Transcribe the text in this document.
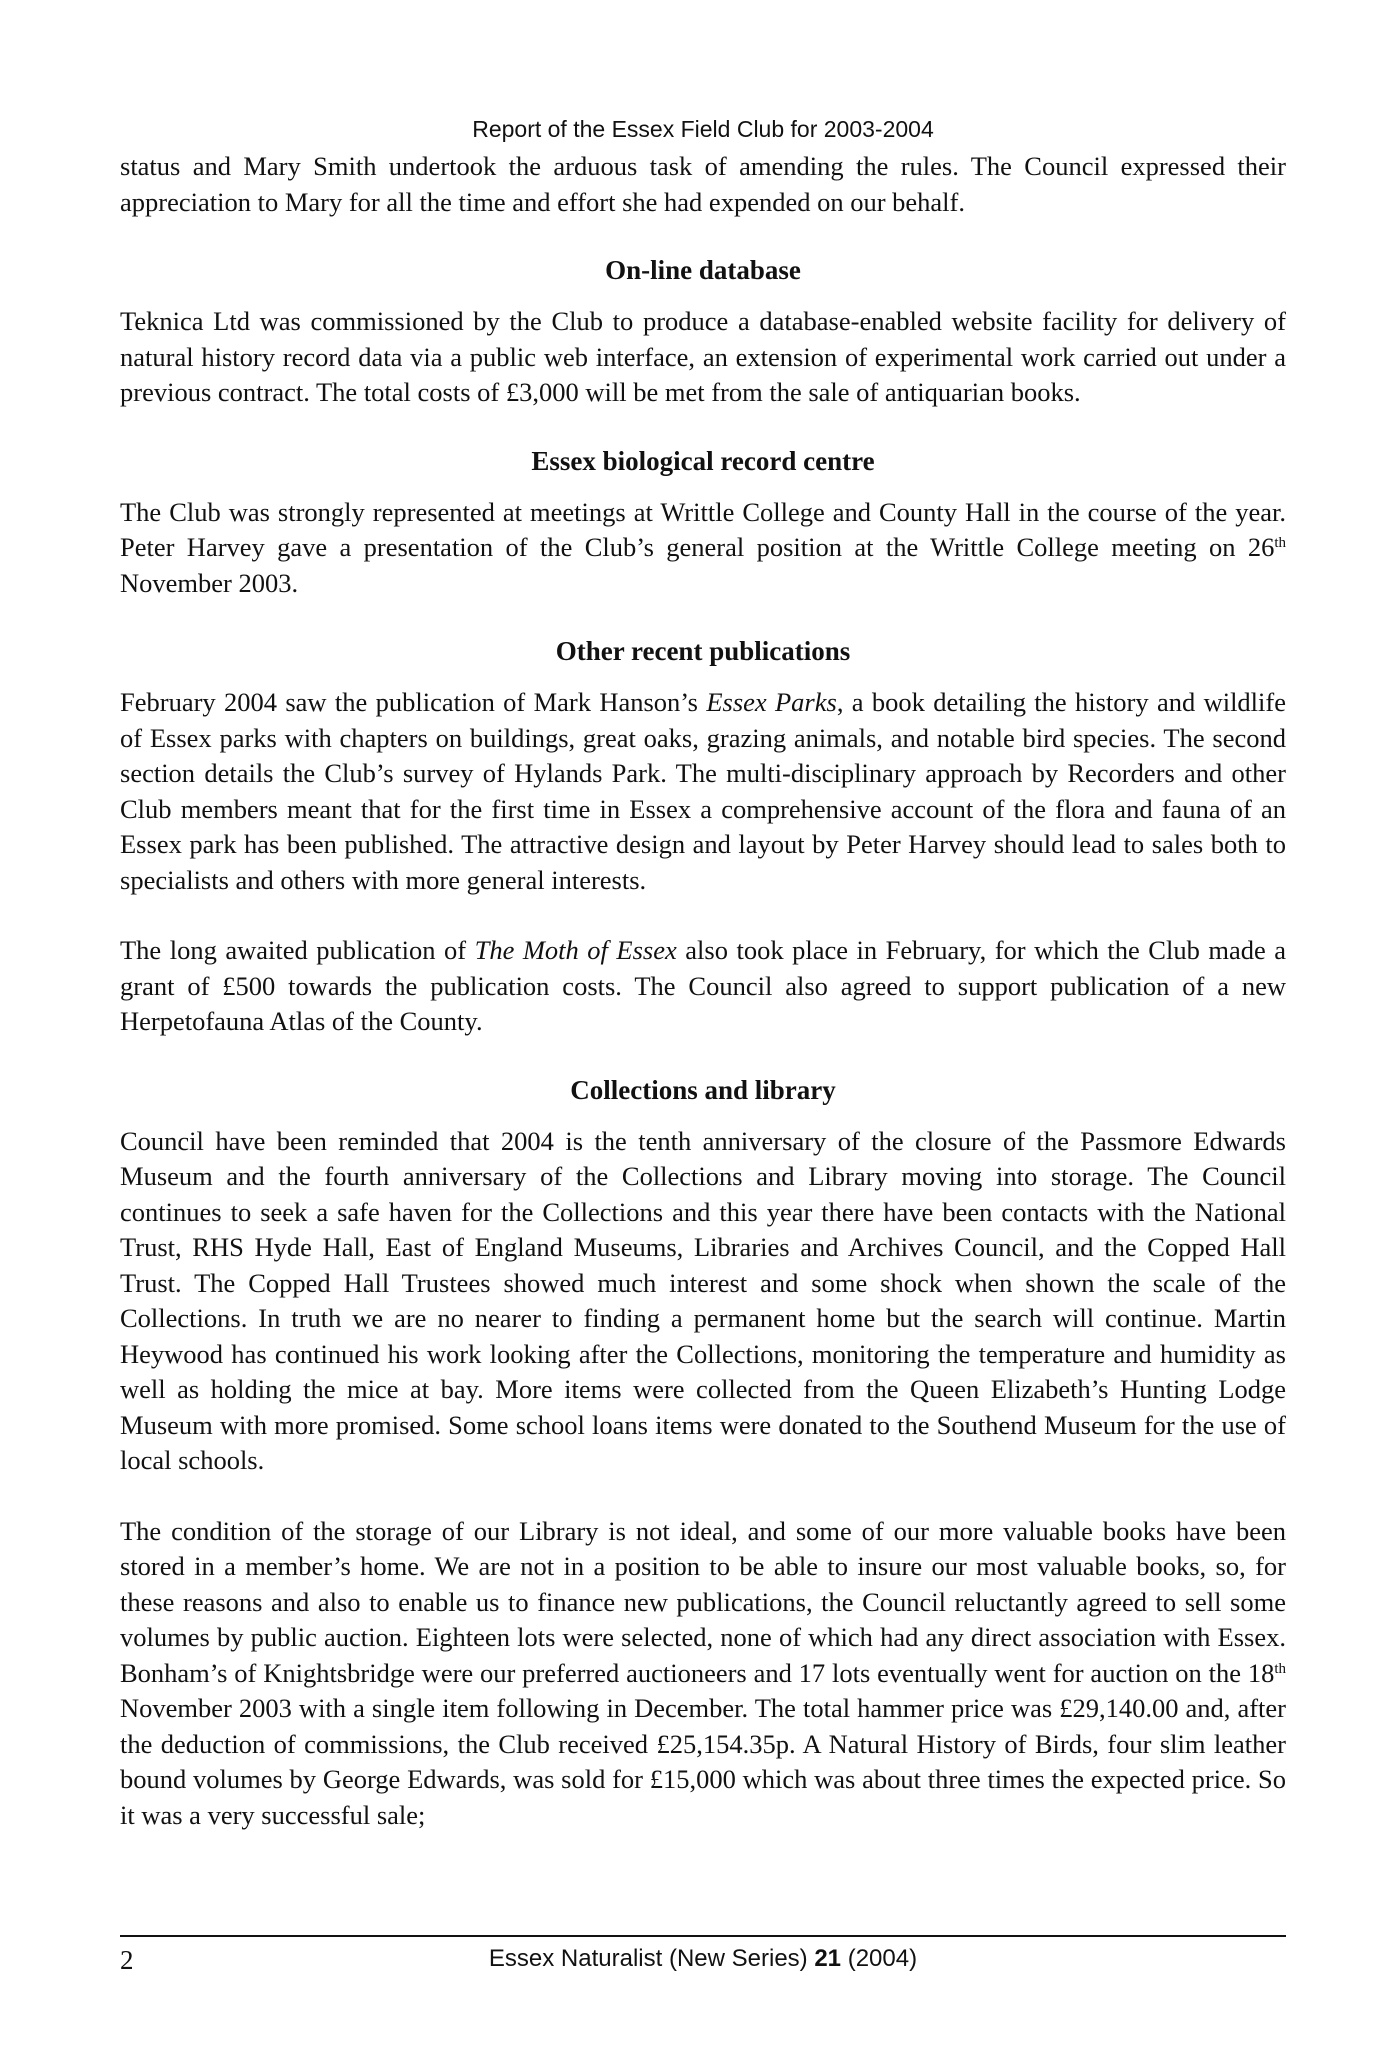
Report of the Essex Field Club for 2003-2004

status and Mary Smith undertook the arduous task of amending the rules. The Council expressed their appreciation to Mary for all the time and effort she had expended on our behalf.

On-line database

Teknica Ltd was commissioned by the Club to produce a database-enabled website facility for delivery of natural history record data via a public web interface, an extension of experimental work carried out under a previous contract. The total costs of £3,000 will be met from the sale of antiquarian books.

Essex biological record centre

The Club was strongly represented at meetings at Writtle College and County Hall in the course of the year. Peter Harvey gave a presentation of the Club’s general position at the Writtle College meeting on 26th November 2003.

Other recent publications

February 2004 saw the publication of Mark Hanson’s Essex Parks, a book detailing the history and wildlife of Essex parks with chapters on buildings, great oaks, grazing animals, and notable bird species. The second section details the Club’s survey of Hylands Park. The multi-disciplinary approach by Recorders and other Club members meant that for the first time in Essex a comprehensive account of the flora and fauna of an Essex park has been published. The attractive design and layout by Peter Harvey should lead to sales both to specialists and others with more general interests.

The long awaited publication of The Moth of Essex also took place in February, for which the Club made a grant of £500 towards the publication costs. The Council also agreed to support publication of a new Herpetofauna Atlas of the County.

Collections and library

Council have been reminded that 2004 is the tenth anniversary of the closure of the Passmore Edwards Museum and the fourth anniversary of the Collections and Library moving into storage. The Council continues to seek a safe haven for the Collections and this year there have been contacts with the National Trust, RHS Hyde Hall, East of England Museums, Libraries and Archives Council, and the Copped Hall Trust. The Copped Hall Trustees showed much interest and some shock when shown the scale of the Collections. In truth we are no nearer to finding a permanent home but the search will continue. Martin Heywood has continued his work looking after the Collections, monitoring the temperature and humidity as well as holding the mice at bay. More items were collected from the Queen Elizabeth’s Hunting Lodge Museum with more promised. Some school loans items were donated to the Southend Museum for the use of local schools.

The condition of the storage of our Library is not ideal, and some of our more valuable books have been stored in a member’s home. We are not in a position to be able to insure our most valuable books, so, for these reasons and also to enable us to finance new publications, the Council reluctantly agreed to sell some volumes by public auction. Eighteen lots were selected, none of which had any direct association with Essex. Bonham’s of Knightsbridge were our preferred auctioneers and 17 lots eventually went for auction on the 18th November 2003 with a single item following in December. The total hammer price was £29,140.00 and, after the deduction of commissions, the Club received £25,154.35p. A Natural History of Birds, four slim leather bound volumes by George Edwards, was sold for £15,000 which was about three times the expected price. So it was a very successful sale;

2	Essex Naturalist (New Series) 21 (2004)
